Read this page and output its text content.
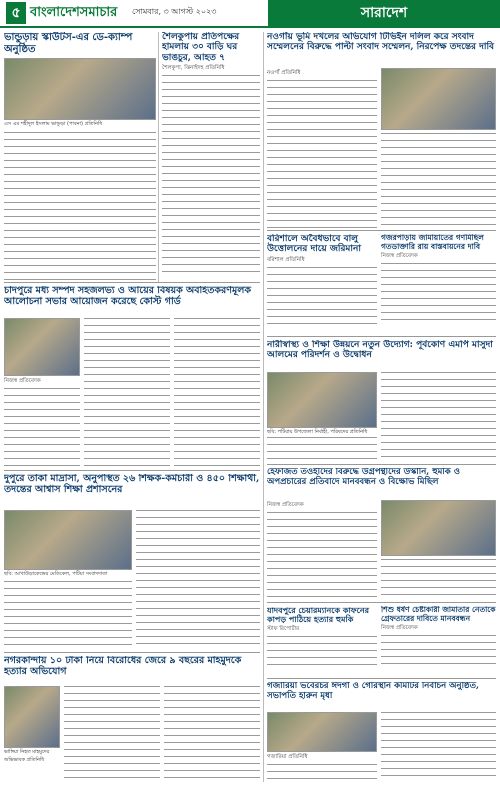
৫ বাংলাদেশসমাচার সোমবার, ৩ আগস্ট ২০২৩	সারাদেশ
ভান্ডুড়ায় স্কাউটস-এর ডে-ক্যাম্প অনুষ্ঠিত
এস এম শহীদুল ইসলাম ভান্ডুড়া (পাবনা) প্রতিনিধি
চাঁদপুরে মধ্য সম্পদ সহজলভ্য ও আয়ের বিষয়ক অবহিতকরণমূলক আলোচনা সভার আয়োজন করেছে কোস্ট গার্ড
নিজস্ব প্রতিবেদক
দুপুরে তাঁকা মাদ্রাসা, অনুপস্থিত ২৬ শিক্ষক-কর্মচারী ও ৪৫০ শিক্ষার্থী, তদন্তের আশ্বাস শিক্ষা প্রশাসনের
ছবি: আখাউড়াকেন্দ্রের মেডিকেল, পটিয়া সংবাদদাতা
নগরকান্দায় ১০ টাকা নিয়ে বিরোধের জেরে ৯ বছরের মাহমুদকে হত্যার অভিযোগ
ভাঙ্গিয়া নিহত মাহমুদের অভিভাবক প্রতিনিধি
শৈলকুপায় প্রতিপক্ষের হামলায় ৩০ বাড়ি ঘর ভাঙচুর, আহত ৭
শৈলকুপা, ঝিনাইদহ প্রতিনিধি
নওগাঁয় ভূমি দখলের অভিযোগ টিভিইন দলিল করে সংবাদ সম্মেলনের বিরুদ্ধে পাল্টা সংবাদ সম্মেলন, নিরপেক্ষ তদন্তের দাবি
নওগাঁ প্রতিনিধি
বরিশালে অবৈধভাবে বালু উত্তোলনের দায়ে জরিমানা
বরিশাল প্রতিনিধি
গজরপাড়ায় জামায়াতের গণমিছিল গতডাক্তারি রায় বাস্তবায়নের দাবি
নিজস্ব প্রতিবেদক
নারীস্বাস্থ্য ও শিক্ষা উন্নয়নে নতুন উদ্যোগ: পূর্বকোণ এমপি মাসুদা আলমের পরিদর্শন ও উদ্বোধন
ছবি: পটিয়ায় উপজেলা নির্বাহী, পরিষদের প্রতিনিধি
হেফাজত তওহীদের বিরুদ্ধে উগ্রপন্থীদের উস্কানি, হুমকি ও অপপ্রচারের প্রতিবাদে মানববন্ধন ও বিক্ষোভ মিছিল
নিজস্ব প্রতিবেদক
যাদবপুরে চেয়ারম্যানকে কাফনের কাপড় পাঠিয়ে হত্যার হুমকি
স্টাফ রিপোর্টার
শিশু ধর্ষণ চেষ্টাকারী জামাতার নেতাকে গ্রেফতারের দাবিতে মানববন্ধন
নিজস্ব প্রতিবেদক
গজারিয়া ভবেরচর ঈদগাঁ ও গোরস্থান কমিটির নির্বাচন অনুষ্ঠিত, সভাপতি হারুন মৃধা
গজারিয়া প্রতিনিধি
